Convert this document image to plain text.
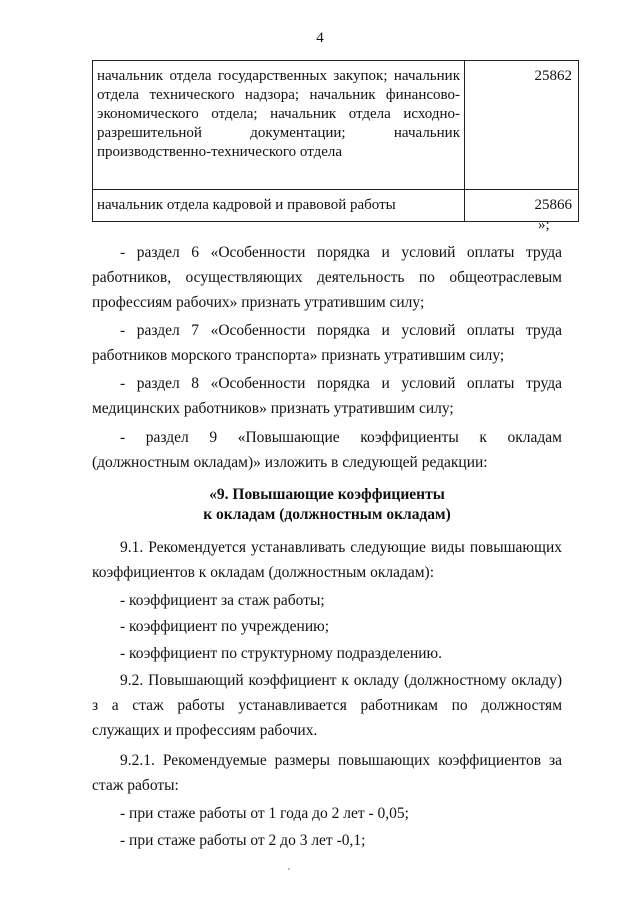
4
начальник отдела государственных закупок; начальник отдела технического надзора; начальник финансово-экономического отдела; начальник отдела исходно-разрешительной документации; начальник производственно-технического отдела	25862
начальник отдела кадровой и правовой работы	25866
»;
- раздел 6 «Особенности порядка и условий оплаты труда работников, осуществляющих деятельность по общеотраслевым профессиям рабочих» признать утратившим силу;
- раздел 7 «Особенности порядка и условий оплаты труда работников морского транспорта» признать утратившим силу;
- раздел 8 «Особенности порядка и условий оплаты труда медицинских работников» признать утратившим силу;
- раздел 9 «Повышающие коэффициенты к окладам (должностным окладам)» изложить в следующей редакции:
«9. Повышающие коэффициенты
к окладам (должностным окладам)
9.1. Рекомендуется устанавливать следующие виды повышающих коэффициентов к окладам (должностным окладам):
- коэффициент за стаж работы;
- коэффициент по учреждению;
- коэффициент по структурному подразделению.
9.2. Повышающий коэффициент к окладу (должностному окладу) з а стаж работы устанавливается работникам по должностям служащих и профессиям рабочих.
9.2.1. Рекомендуемые размеры повышающих коэффициентов за стаж работы:
- при стаже работы от 1 года до 2 лет - 0,05;
- при стаже работы от 2 до 3 лет -0,1;
